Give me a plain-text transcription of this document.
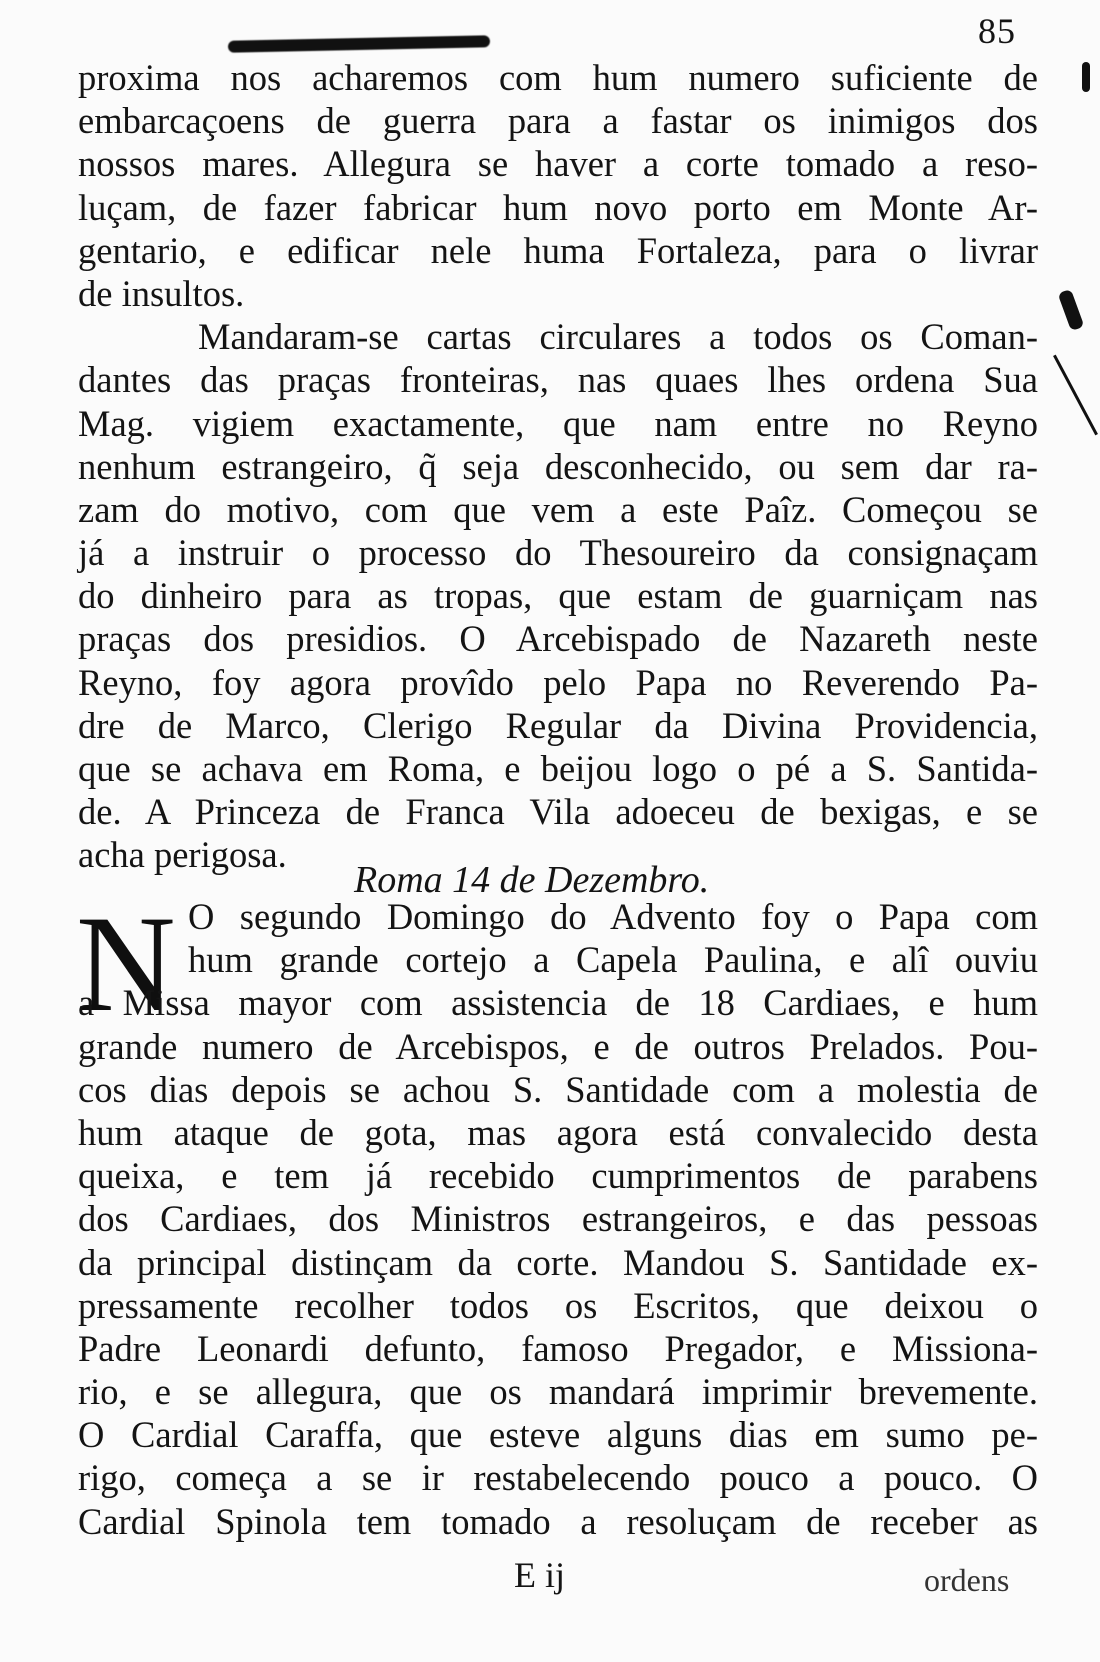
85
proxima nos acharemos com hum numero suficiente de
embarcaçoens de guerra para a fastar os inimigos dos
nossos mares. Allegura se haver a corte tomado a reso-
luçam, de fazer fabricar hum novo porto em Monte Ar-
gentario, e edificar nele huma Fortaleza, para o livrar
de insultos.
Mandaram-se cartas circulares a todos os Coman-
dantes das praças fronteiras, nas quaes lhes ordena Sua
Mag. vigiem exactamente, que nam entre no Reyno
nenhum estrangeiro, q̃ seja desconhecido, ou sem dar ra-
zam do motivo, com que vem a este Paîz. Começou se
já a instruir o processo do Thesoureiro da consignaçam
do dinheiro para as tropas, que estam de guarniçam nas
praças dos presidios. O Arcebispado de Nazareth neste
Reyno, foy agora provîdo pelo Papa no Reverendo Pa-
dre de Marco, Clerigo Regular da Divina Providencia,
que se achava em Roma, e beijou logo o pé a S. Santida-
de. A Princeza de Franca Vila adoeceu de bexigas, e se
acha perigosa.
Roma 14 de Dezembro.
N O segundo Domingo do Advento foy o Papa com
hum grande cortejo a Capela Paulina, e alî ouviu
a Missa mayor com assistencia de 18 Cardiaes, e hum
grande numero de Arcebispos, e de outros Prelados. Pou-
cos dias depois se achou S. Santidade com a molestia de
hum ataque de gota, mas agora está convalecido desta
queixa, e tem já recebido cumprimentos de parabens
dos Cardiaes, dos Ministros estrangeiros, e das pessoas
da principal distinçam da corte. Mandou S. Santidade ex-
pressamente recolher todos os Escritos, que deixou o
Padre Leonardi defunto, famoso Pregador, e Missiona-
rio, e se allegura, que os mandará imprimir brevemente.
O Cardial Caraffa, que esteve alguns dias em sumo pe-
rigo, começa a se ir restabelecendo pouco a pouco. O
Cardial Spinola tem tomado a resoluçam de receber as
E ij	ordens
